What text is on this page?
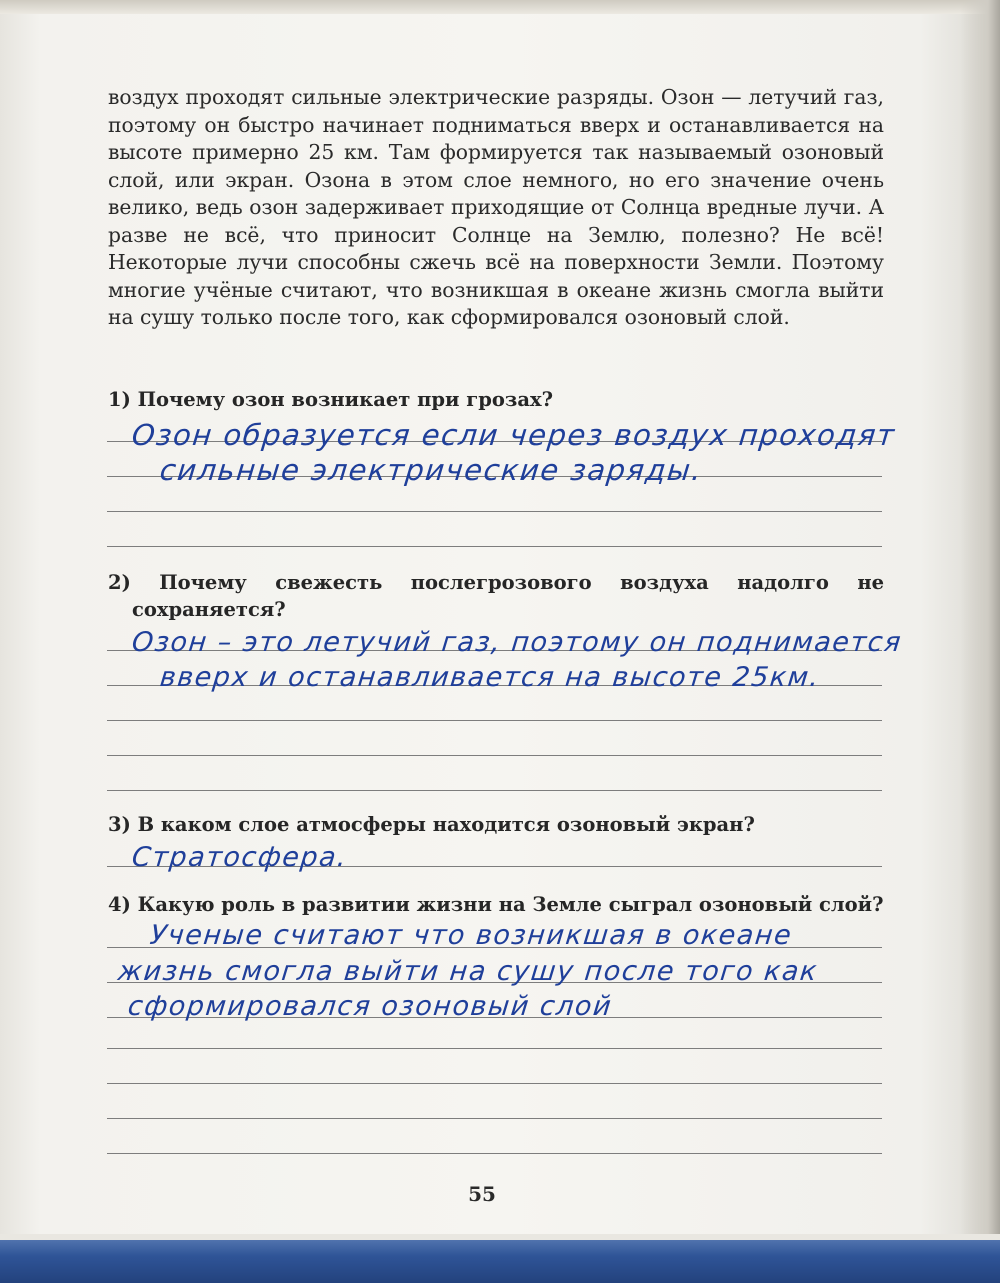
воздух проходят сильные электрические разряды. Озон — летучий газ, поэтому он быстро начинает подниматься вверх и останавливается на высоте примерно 25 км. Там формируется так называемый озоновый слой, или экран. Озона в этом слое немного, но его значение очень велико, ведь озон задерживает приходящие от Солнца вредные лучи. А разве не всё, что приносит Солнце на Землю, полезно? Не всё! Некоторые лучи способны сжечь всё на поверхности Земли. Поэтому многие учёные считают, что возникшая в океане жизнь смогла выйти на сушу только после того, как сформировался озоновый слой.

1) Почему озон возникает при грозах?

Озон образуется если через воздух проходят

сильные электрические заряды.

2) Почему свежесть послегрозового воздуха надолго не сохраняется?

Озон – это летучий газ, поэтому он поднимается

вверх и останавливается на высоте 25км.

3) В каком слое атмосферы находится озоновый экран?

Стратосфера.

4) Какую роль в развитии жизни на Земле сыграл озоновый слой?

Ученые считают что возникшая в океане

жизнь смогла выйти на сушу после того как

сформировался озоновый слой

55
